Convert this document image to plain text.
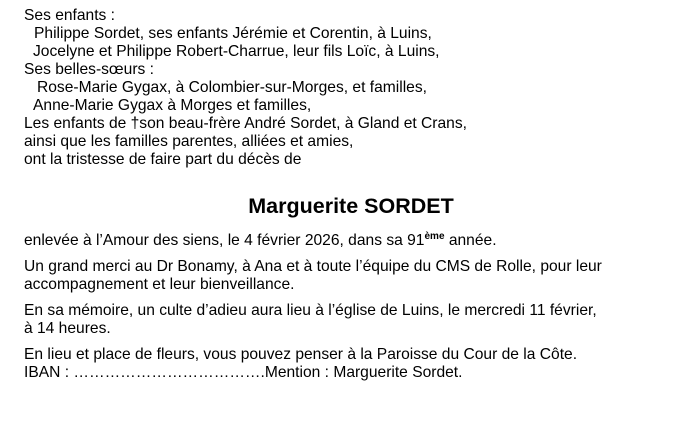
Ses enfants :
Philippe Sordet, ses enfants Jérémie et Corentin, à Luins,
Jocelyne et Philippe Robert-Charrue, leur fils Loïc, à Luins,
Ses belles-sœurs :
Rose-Marie Gygax, à Colombier-sur-Morges, et familles,
Anne-Marie Gygax à Morges et familles,
Les enfants de †son beau-frère André Sordet, à Gland et Crans,
ainsi que les familles parentes, alliées et amies,
ont la tristesse de faire part du décès de
Marguerite SORDET
enlevée à l’Amour des siens, le 4 février 2026, dans sa 91ème année.
Un grand merci au Dr Bonamy, à Ana et à toute l’équipe du CMS de Rolle, pour leur
accompagnement et leur bienveillance.
En sa mémoire, un culte d’adieu aura lieu à l’église de Luins, le mercredi 11 février,
à 14 heures.
En lieu et place de fleurs, vous pouvez penser à la Paroisse du Cour de la Côte.
IBAN : ……………………………….Mention : Marguerite Sordet.
